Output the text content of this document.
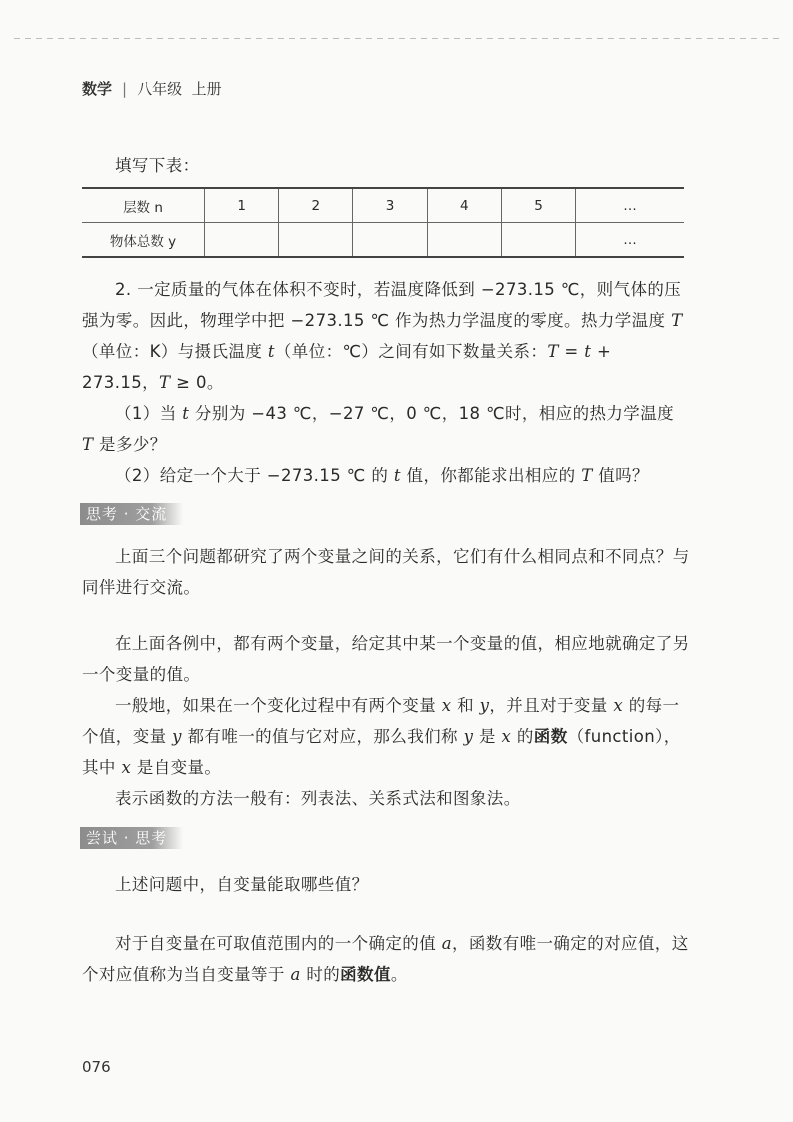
数学 | 八年级 上册
填写下表：
层数 n	1	2	3	4	5	…
物体总数 y						…
2. 一定质量的气体在体积不变时，若温度降低到 −273.15 ℃，则气体的压强为零。因此，物理学中把 −273.15 ℃ 作为热力学温度的零度。热力学温度 T（单位：K）与摄氏温度 t（单位：℃）之间有如下数量关系：T = t + 273.15，T ≥ 0。
（1）当 t 分别为 −43 ℃，−27 ℃，0 ℃，18 ℃时，相应的热力学温度 T 是多少？
（2）给定一个大于 −273.15 ℃ 的 t 值，你都能求出相应的 T 值吗？
思考 · 交流
上面三个问题都研究了两个变量之间的关系，它们有什么相同点和不同点？与同伴进行交流。
在上面各例中，都有两个变量，给定其中某一个变量的值，相应地就确定了另一个变量的值。
一般地，如果在一个变化过程中有两个变量 x 和 y，并且对于变量 x 的每一个值，变量 y 都有唯一的值与它对应，那么我们称 y 是 x 的函数（function），其中 x 是自变量。
表示函数的方法一般有：列表法、关系式法和图象法。
尝试 · 思考
上述问题中，自变量能取哪些值？
对于自变量在可取值范围内的一个确定的值 a，函数有唯一确定的对应值，这个对应值称为当自变量等于 a 时的函数值。
076
